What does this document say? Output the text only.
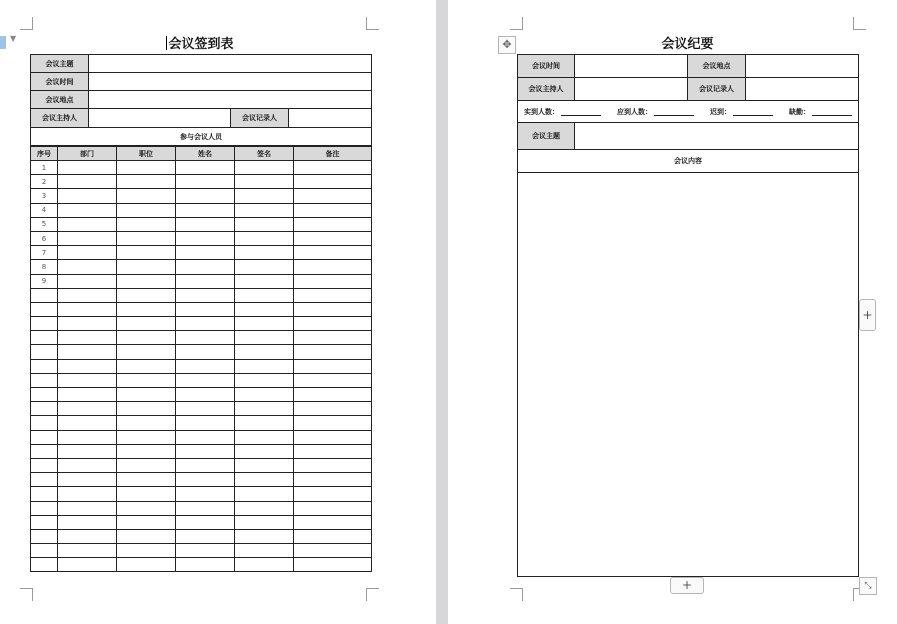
▼	会议签到表
会议主题			
会议时间			
会议地点			
会议主持人		会议记录人	
参与会议人员			
序号	部门	职位	姓名	签名	备注
1					
2					
3					
4					
5					
6					
7					
8					
9					

会议纪要
会议时间		会议地点	
会议主持人		会议记录人	

实到人数： 应到人数： 迟到： 缺勤：			

会议主题			
会议内容			

✥
+
+	⤡
